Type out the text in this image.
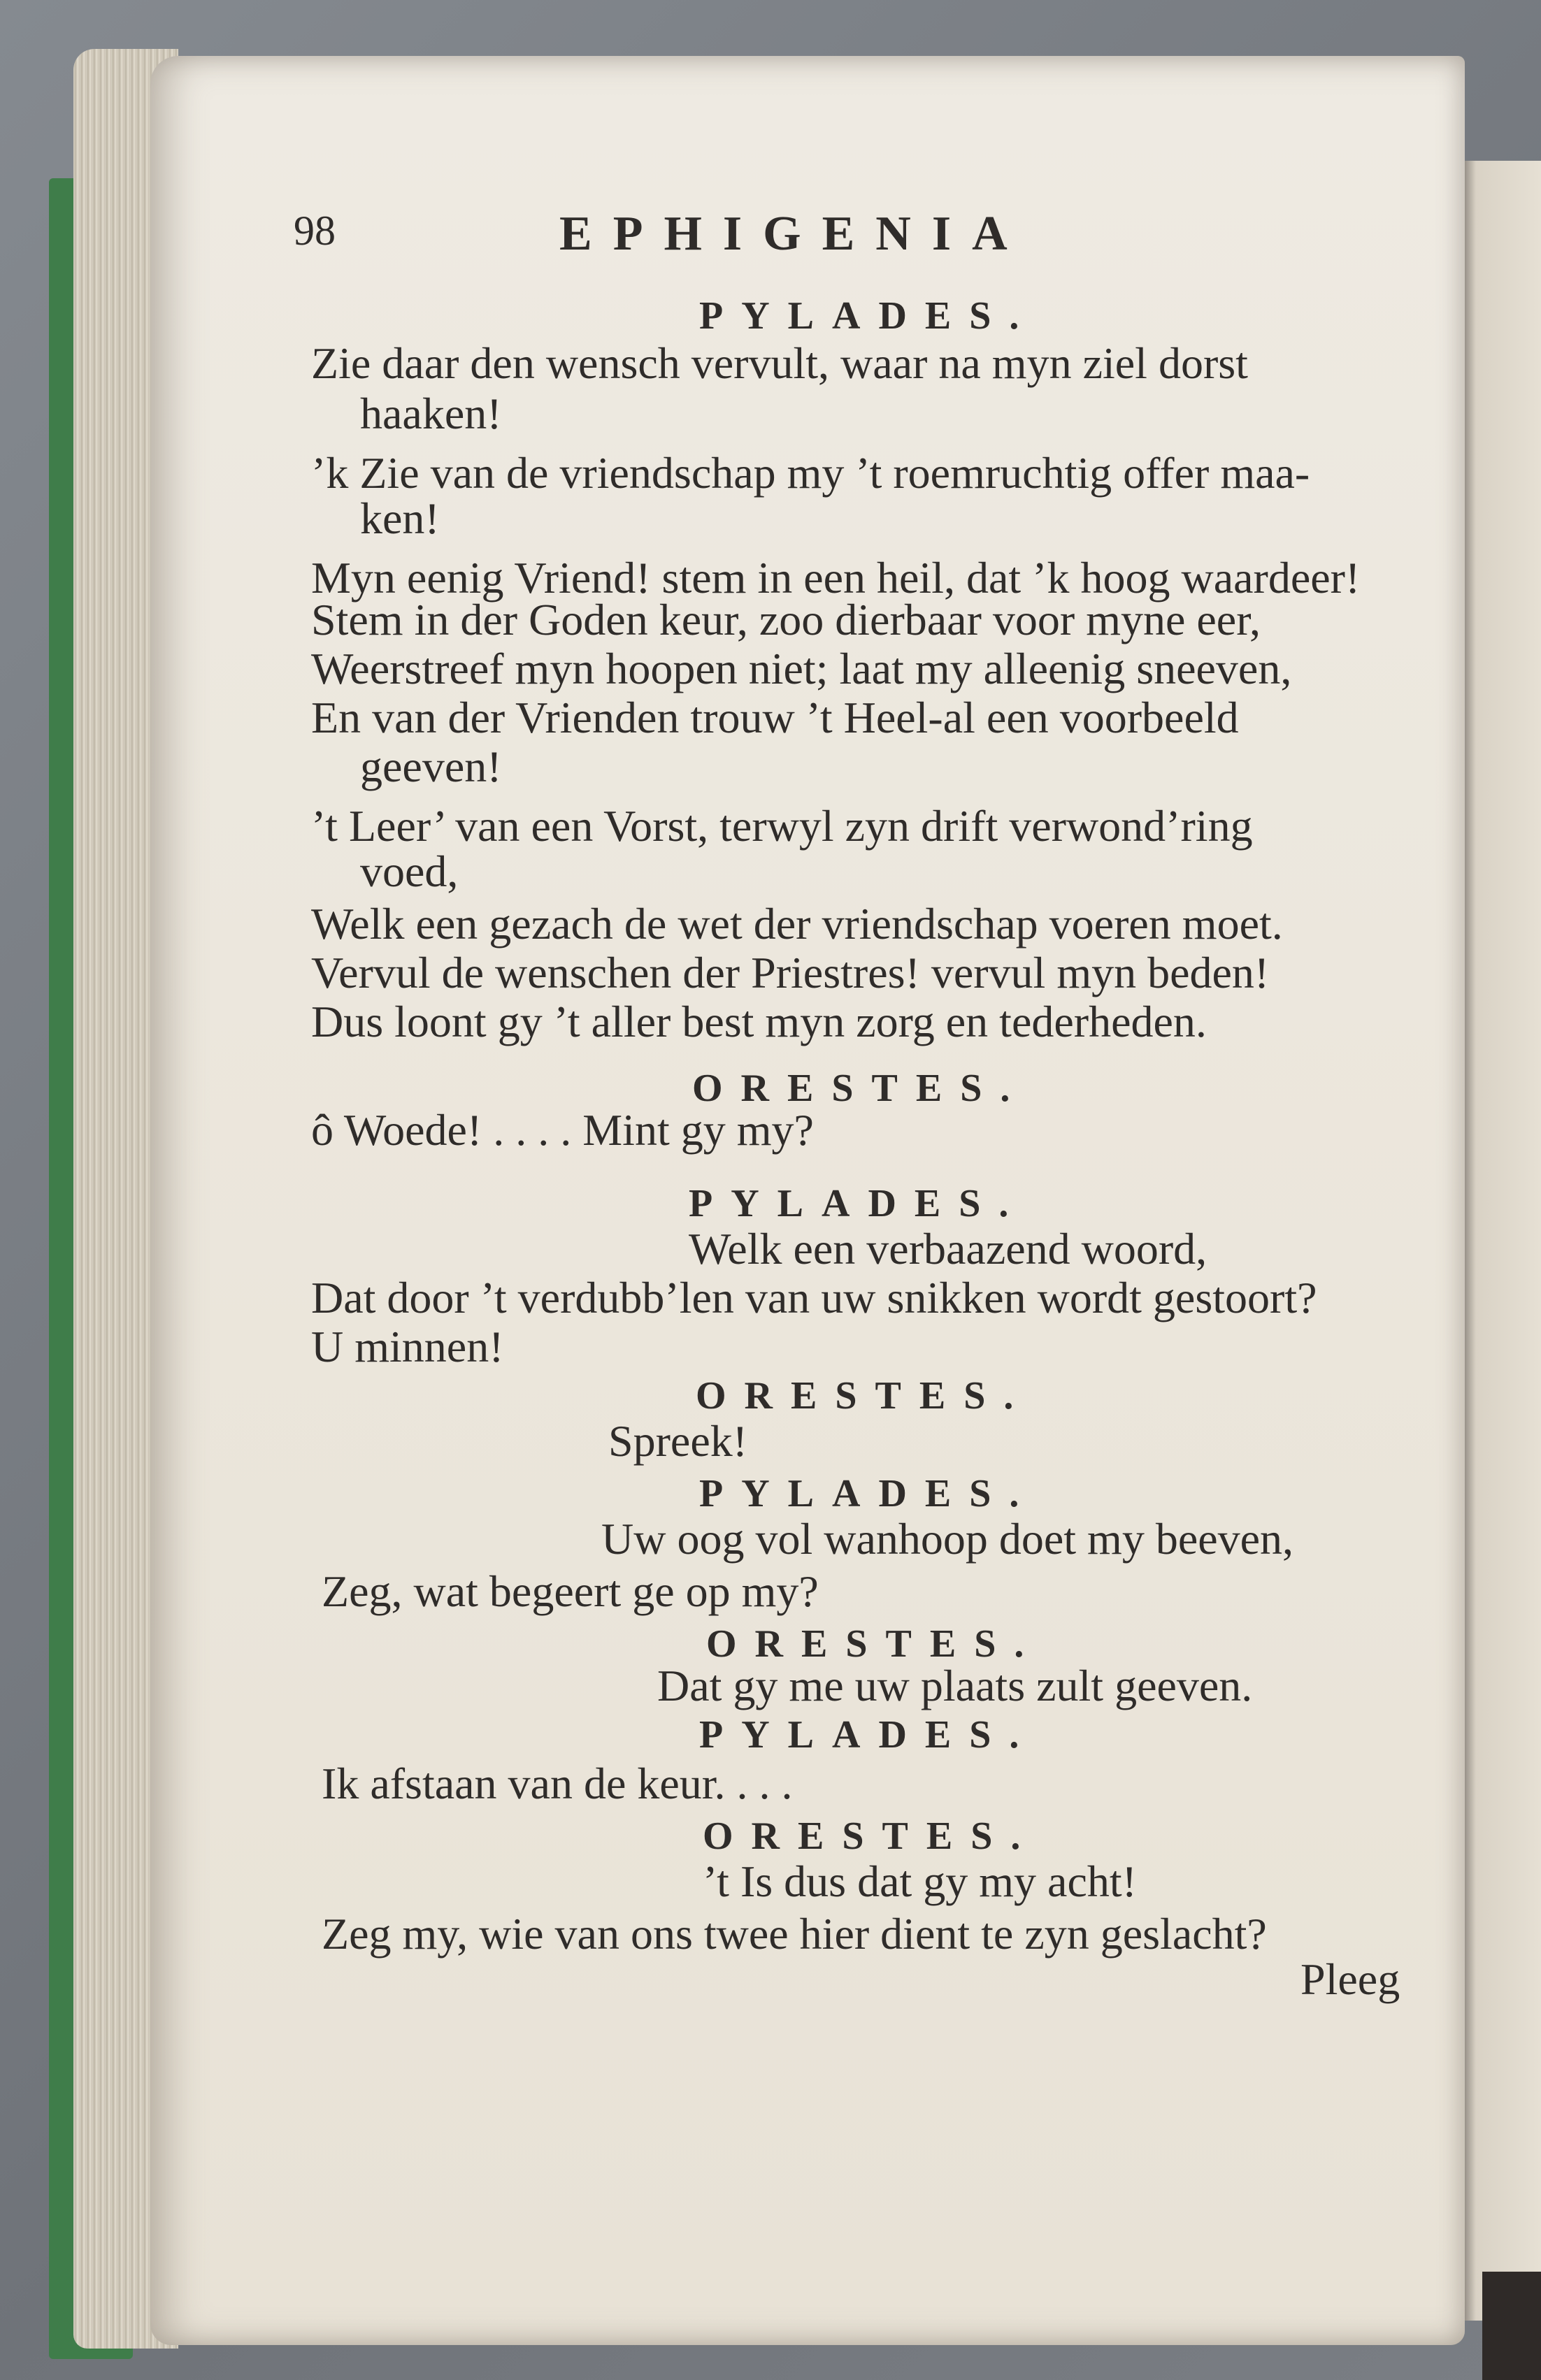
98	EPHIGENIA
PYLADES.
Zie daar den wensch vervult, waar na myn ziel dorst
haaken!
’k Zie van de vriendschap my ’t roemruchtig offer maa-
ken!
Myn eenig Vriend! stem in een heil, dat ’k hoog waardeer!
Stem in der Goden keur, zoo dierbaar voor myne eer,
Weerstreef myn hoopen niet; laat my alleenig sneeven,
En van der Vrienden trouw ’t Heel-al een voorbeeld
geeven!
’t Leer’ van een Vorst, terwyl zyn drift verwond’ring
voed,
Welk een gezach de wet der vriendschap voeren moet.
Vervul de wenschen der Priestres! vervul myn beden!
Dus loont gy ’t aller best myn zorg en tederheden.
ORESTES.
ô Woede! . . . . Mint gy my?
PYLADES.
Welk een verbaazend woord,
Dat door ’t verdubb’len van uw snikken wordt gestoort?
U minnen!
ORESTES.
Spreek!
PYLADES.
Uw oog vol wanhoop doet my beeven,
Zeg, wat begeert ge op my?
ORESTES.
Dat gy me uw plaats zult geeven.
PYLADES.
Ik afstaan van de keur. . . .
ORESTES.
’t Is dus dat gy my acht!
Zeg my, wie van ons twee hier dient te zyn geslacht?
Pleeg
